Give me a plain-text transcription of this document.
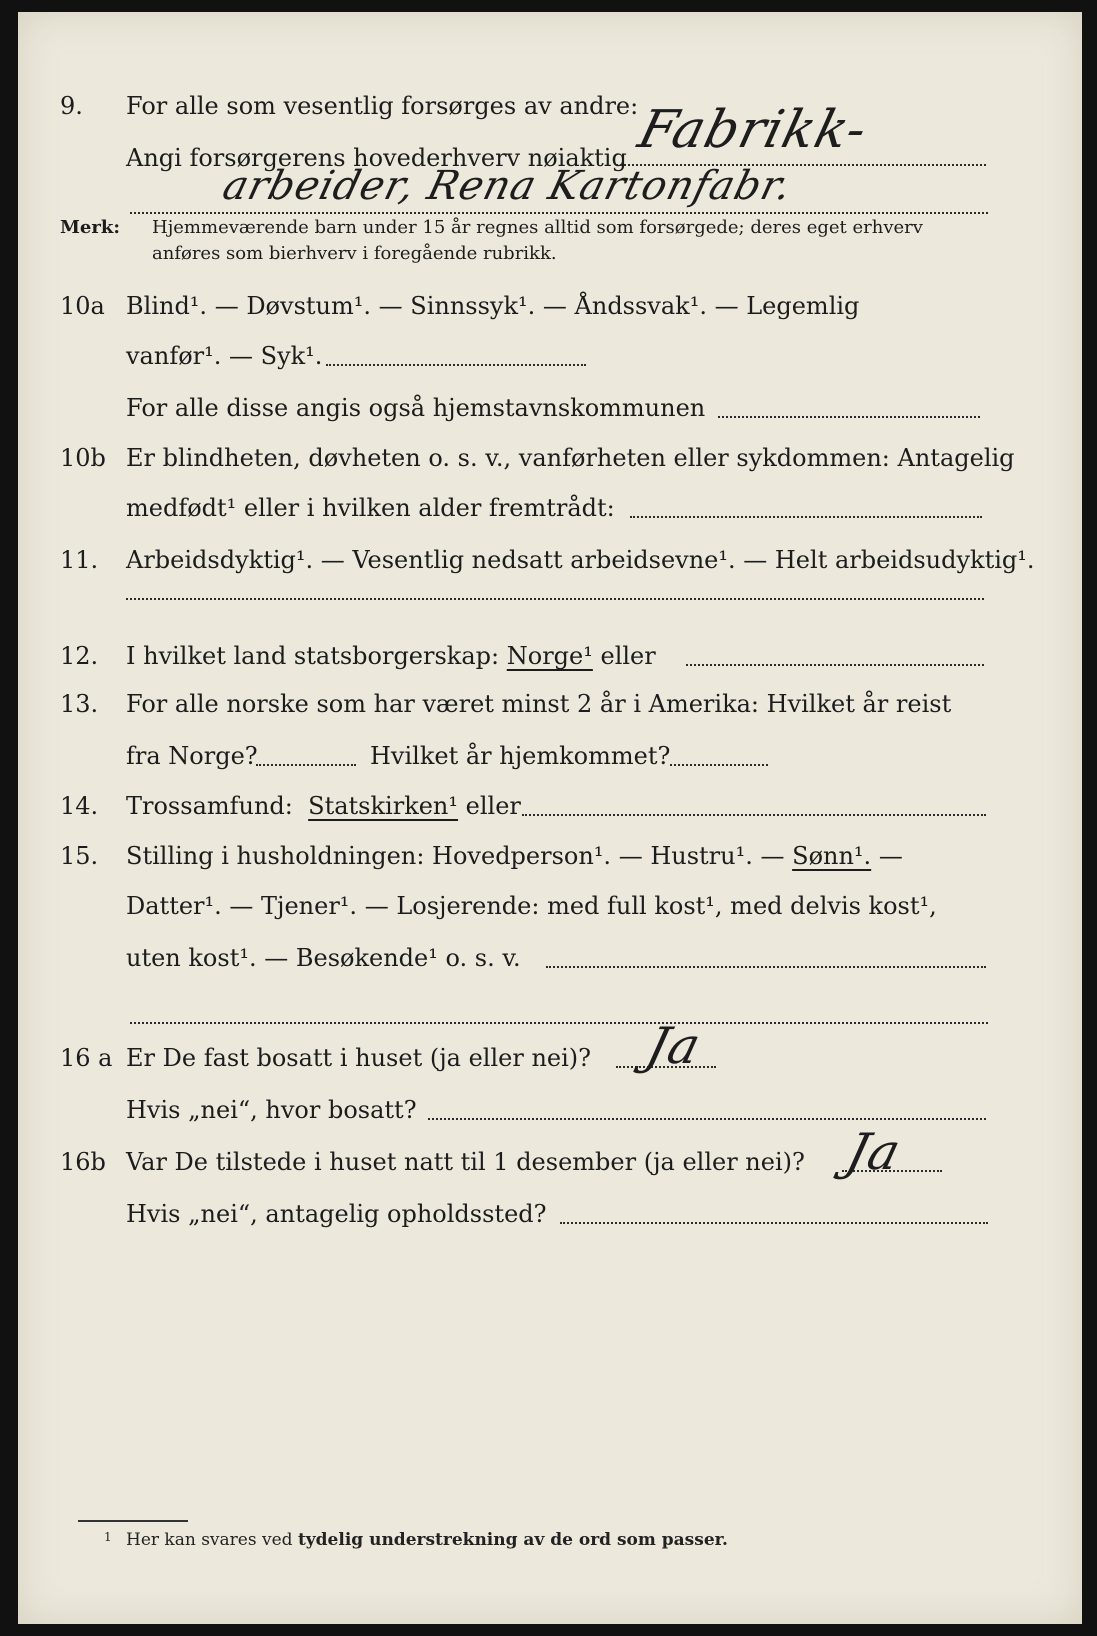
9.	For alle som vesentlig forsørges av andre:
Angi forsørgerens hovederhverv nøiaktig Fabrikk-
arbeider, Rena Kartonfabr.
Merk: Hjemmeværende barn under 15 år regnes alltid som forsørgede; deres eget erhverv
anføres som bierhverv i foregående rubrikk.
10a Blind¹. — Døvstum¹. — Sinnssyk¹. — Åndssvak¹. — Legemlig
vanfør¹. — Syk¹.
For alle disse angis også hjemstavnskommunen
10b Er blindheten, døvheten o. s. v., vanførheten eller sykdommen: Antagelig
medfødt¹ eller i hvilken alder fremtrådt:
11.	Arbeidsdyktig¹. — Vesentlig nedsatt arbeidsevne¹. — Helt arbeidsudyktig¹.
12.	I hvilket land statsborgerskap: Norge¹ eller
13.	For alle norske som har været minst 2 år i Amerika: Hvilket år reist
fra Norge?	Hvilket år hjemkommet?
14.	Trossamfund: Statskirken¹ eller
15.	Stilling i husholdningen: Hovedperson¹. — Hustru¹. — Sønn¹. —
Datter¹. — Tjener¹. — Losjerende: med full kost¹, med delvis kost¹,
uten kost¹. — Besøkende¹ o. s. v.
16 a Er De fast bosatt i huset (ja eller nei)? Ja
Hvis „nei“, hvor bosatt?
16b Var De tilstede i huset natt til 1 desember (ja eller nei)? Ja
Hvis „nei“, antagelig opholdssted?
1 Her kan svares ved tydelig understrekning av de ord som passer.
